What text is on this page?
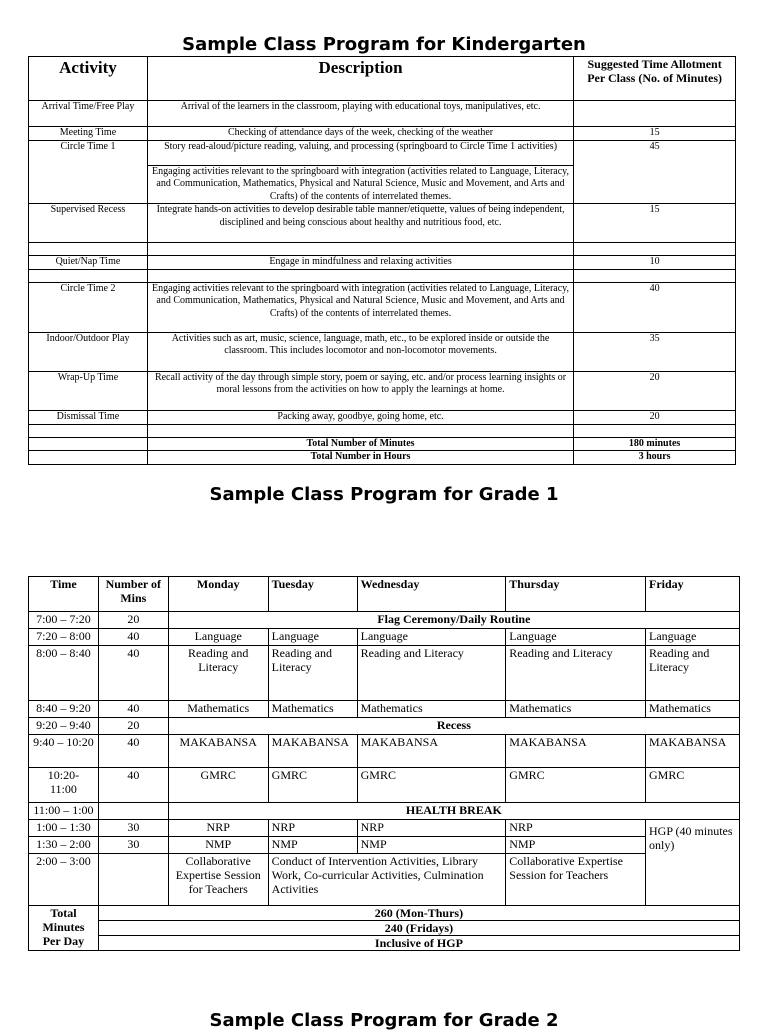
Sample Class Program for Kindergarten
Activity	Description	Suggested Time Allotment Per Class (No. of Minutes)
Arrival Time/Free Play	Arrival of the learners in the classroom, playing with educational toys, manipulatives, etc.	
Meeting Time	Checking of attendance days of the week, checking of the weather	15
Circle Time 1	Story read-aloud/picture reading, valuing, and processing (springboard to Circle Time 1 activities)	45
	Engaging activities relevant to the springboard with integration (activities related to Language, Literacy, and Communication, Mathematics, Physical and Natural Science, Music and Movement, and Arts and Crafts) of the contents of interrelated themes.	
Supervised Recess	Integrate hands-on activities to develop desirable table manner/etiquette, values of being independent, disciplined and being conscious about healthy and nutritious food, etc.	15

Quiet/Nap Time	Engage in mindfulness and relaxing activities	10

Circle Time 2	Engaging activities relevant to the springboard with integration (activities related to Language, Literacy, and Communication, Mathematics, Physical and Natural Science, Music and Movement, and Arts and Crafts) of the contents of interrelated themes.	40
Indoor/Outdoor Play	Activities such as art, music, science, language, math, etc., to be explored inside or outside the classroom. This includes locomotor and non-locomotor movements.	35
Wrap-Up Time	Recall activity of the day through simple story, poem or saying, etc. and/or process learning insights or moral lessons from the activities on how to apply the learnings at home.	20
Dismissal Time	Packing away, goodbye, going home, etc.	20

	Total Number of Minutes	180 minutes
	Total Number in Hours	3 hours
Sample Class Program for Grade 1
Time	Number of Mins	Monday	Tuesday	Wednesday	Thursday	Friday
7:00 – 7:20	20	Flag Ceremony/Daily Routine				
7:20 – 8:00	40	Language	Language	Language	Language	Language
8:00 – 8:40	40	Reading and Literacy	Reading and Literacy	Reading and Literacy	Reading and Literacy	Reading and Literacy
8:40 – 9:20	40	Mathematics	Mathematics	Mathematics	Mathematics	Mathematics
9:20 – 9:40	20	Recess				
9:40 – 10:20	40	MAKABANSA	MAKABANSA	MAKABANSA	MAKABANSA	MAKABANSA
10:20-
11:00	40	GMRC	GMRC	GMRC	GMRC	GMRC
11:00 – 1:00		HEALTH BREAK				
1:00 – 1:30	30	NRP	NRP	NRP	NRP	HGP (40 minutes only)
1:30 – 2:00	30	NMP	NMP	NMP	NMP	
2:00 – 3:00		Collaborative Expertise Session for Teachers	Conduct of Intervention Activities, Library Work, Co-curricular Activities, Culmination Activities		Collaborative Expertise Session for Teachers	
Total Minutes Per Day	260 (Mon-Thurs)					
	240 (Fridays)					
	Inclusive of HGP					
Sample Class Program for Grade 2
